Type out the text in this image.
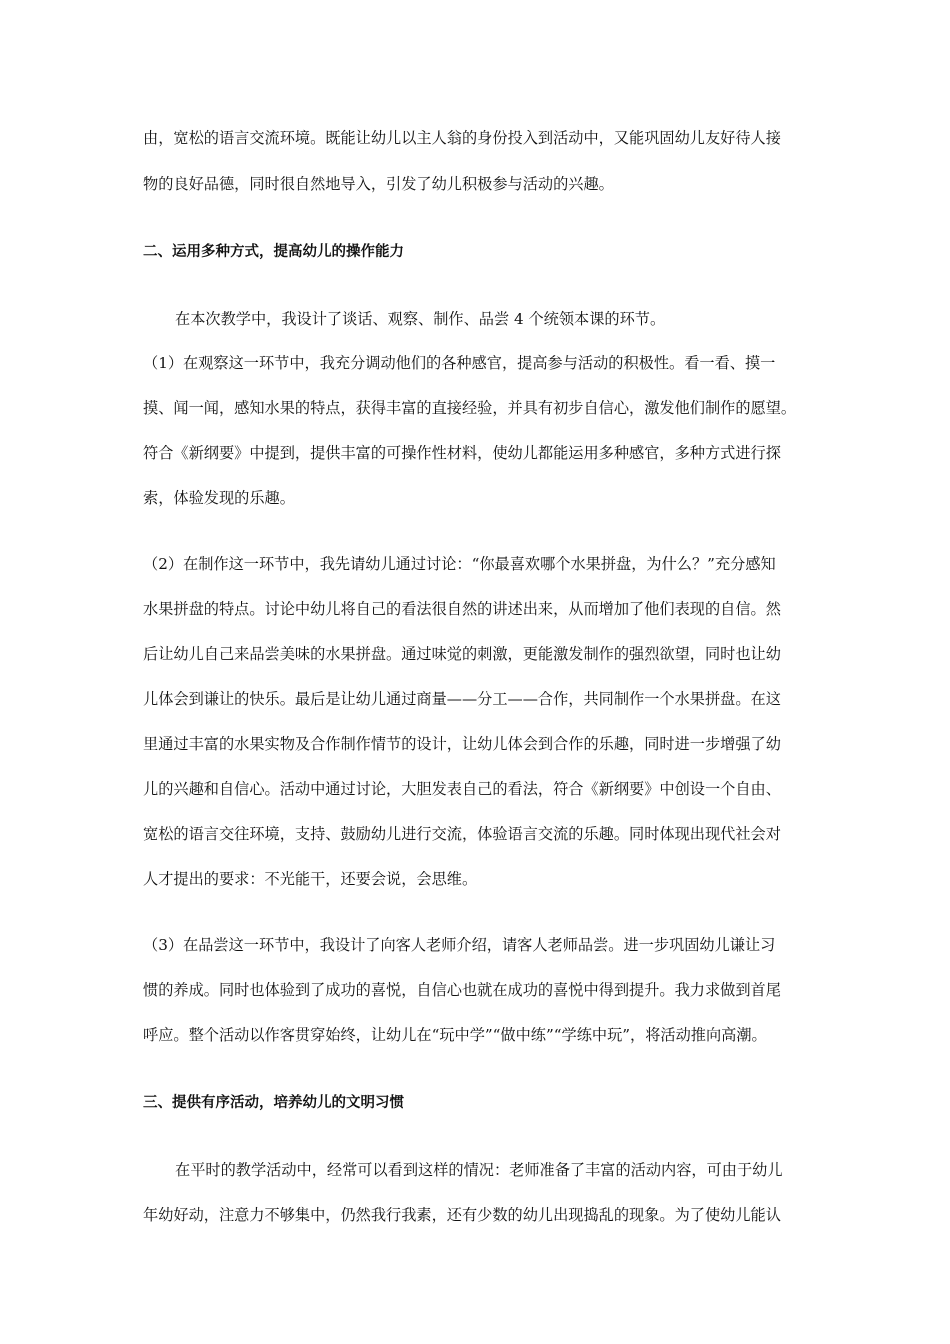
由，宽松的语言交流环境。既能让幼儿以主人翁的身份投入到活动中，又能巩固幼儿友好待人接
物的良好品德，同时很自然地导入，引发了幼儿积极参与活动的兴趣。
二、运用多种方式，提高幼儿的操作能力
在本次教学中，我设计了谈话、观察、制作、品尝 4 个统领本课的环节。
（1）在观察这一环节中，我充分调动他们的各种感官，提高参与活动的积极性。看一看、摸一
摸、闻一闻，感知水果的特点，获得丰富的直接经验，并具有初步自信心，激发他们制作的愿望。
符合《新纲要》中提到，提供丰富的可操作性材料，使幼儿都能运用多种感官，多种方式进行探
索，体验发现的乐趣。
（2）在制作这一环节中，我先请幼儿通过讨论：“你最喜欢哪个水果拼盘，为什么？”充分感知
水果拼盘的特点。讨论中幼儿将自己的看法很自然的讲述出来，从而增加了他们表现的自信。然
后让幼儿自己来品尝美味的水果拼盘。通过味觉的刺激，更能激发制作的强烈欲望，同时也让幼
儿体会到谦让的快乐。最后是让幼儿通过商量——分工——合作，共同制作一个水果拼盘。在这
里通过丰富的水果实物及合作制作情节的设计，让幼儿体会到合作的乐趣，同时进一步增强了幼
儿的兴趣和自信心。活动中通过讨论，大胆发表自己的看法，符合《新纲要》中创设一个自由、
宽松的语言交往环境，支持、鼓励幼儿进行交流，体验语言交流的乐趣。同时体现出现代社会对
人才提出的要求：不光能干，还要会说，会思维。
（3）在品尝这一环节中，我设计了向客人老师介绍，请客人老师品尝。进一步巩固幼儿谦让习
惯的养成。同时也体验到了成功的喜悦，自信心也就在成功的喜悦中得到提升。我力求做到首尾
呼应。整个活动以作客贯穿始终，让幼儿在“玩中学”“做中练”“学练中玩”，将活动推向高潮。
三、提供有序活动，培养幼儿的文明习惯
在平时的教学活动中，经常可以看到这样的情况：老师准备了丰富的活动内容，可由于幼儿
年幼好动，注意力不够集中，仍然我行我素，还有少数的幼儿出现捣乱的现象。为了使幼儿能认
